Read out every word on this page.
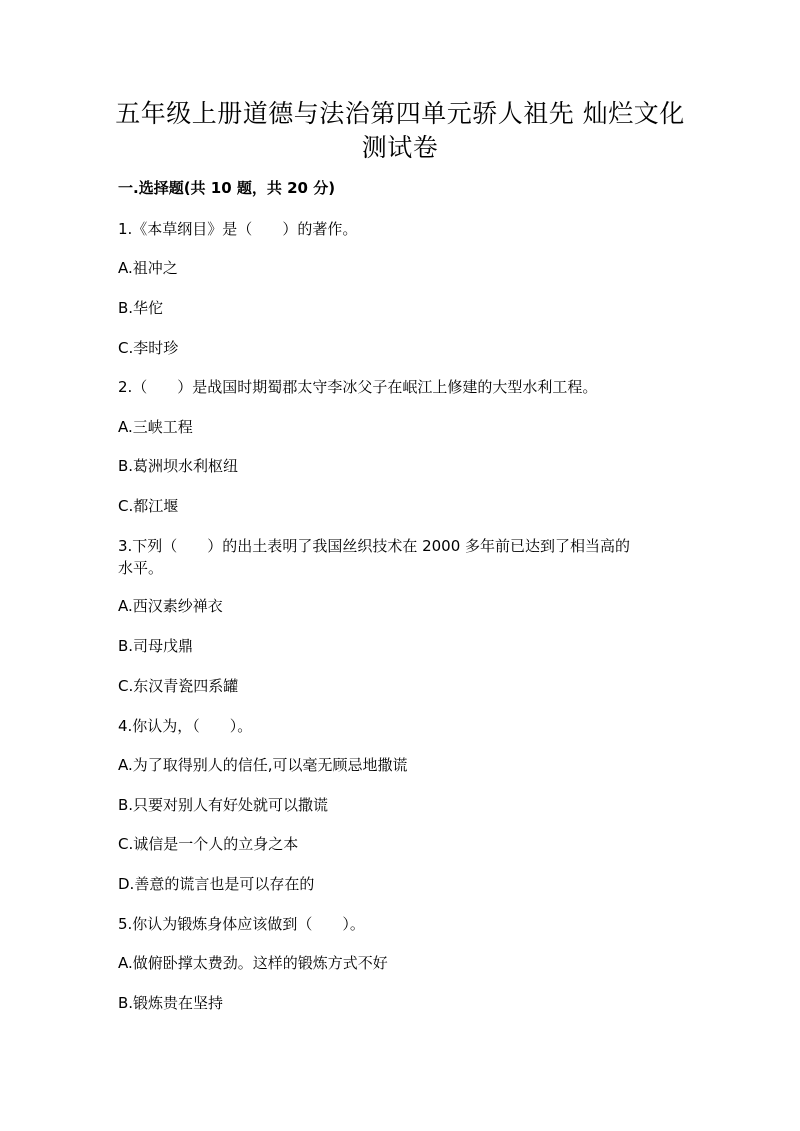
五年级上册道德与法治第四单元骄人祖先 灿烂文化
测试卷
一.选择题(共 10 题，共 20 分)
1.《本草纲目》是（　　）的著作。
A.祖冲之
B.华佗
C.李时珍
2.（　　）是战国时期蜀郡太守李冰父子在岷江上修建的大型水利工程。
A.三峡工程
B.葛洲坝水利枢纽
C.都江堰
3.下列（　　）的出土表明了我国丝织技术在 2000 多年前已达到了相当高的
水平。
A.西汉素纱禅衣
B.司母戊鼎
C.东汉青瓷四系罐
4.你认为，（　　）。
A.为了取得别人的信任,可以毫无顾忌地撒谎
B.只要对别人有好处就可以撒谎
C.诚信是一个人的立身之本
D.善意的谎言也是可以存在的
5.你认为锻炼身体应该做到（　　）。
A.做俯卧撑太费劲。这样的锻炼方式不好
B.锻炼贵在坚持
